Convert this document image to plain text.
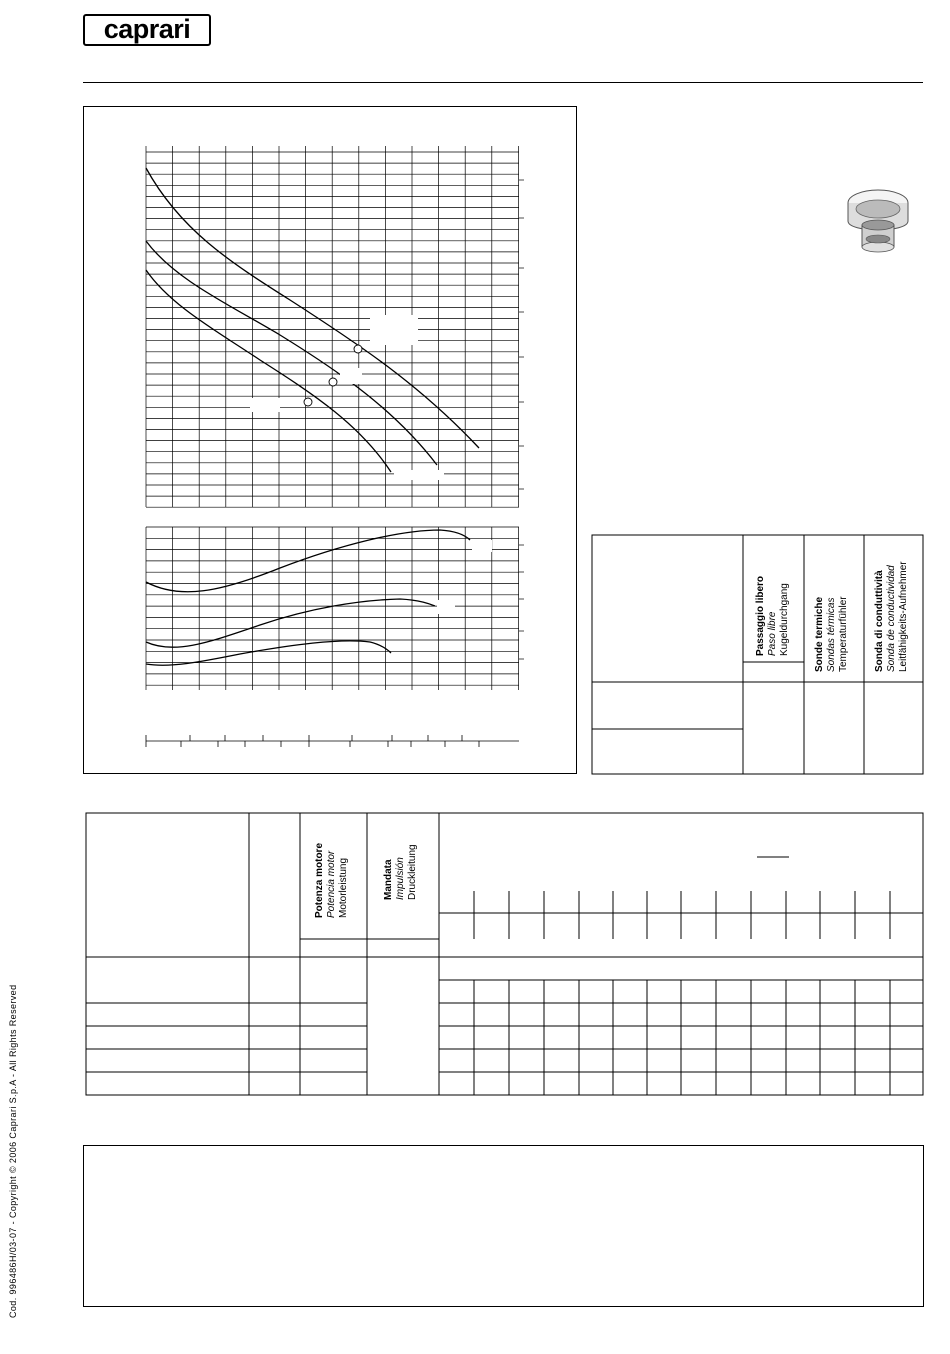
caprari
Cod. 996486H/03-07 - Copyright © 2006 Caprari S.p.A - All Rights Reserved
Passaggio libero Paso libre Kugeldurchgang Sonde termiche Sondas térmicas Temperaturfühler	Sonda di conduttività Sonda de conductividad Leitfähigkeits-Aufnehmer
Potenza motore Potencia motor Motorleistung	Mandata Impulsión Druckleitung
